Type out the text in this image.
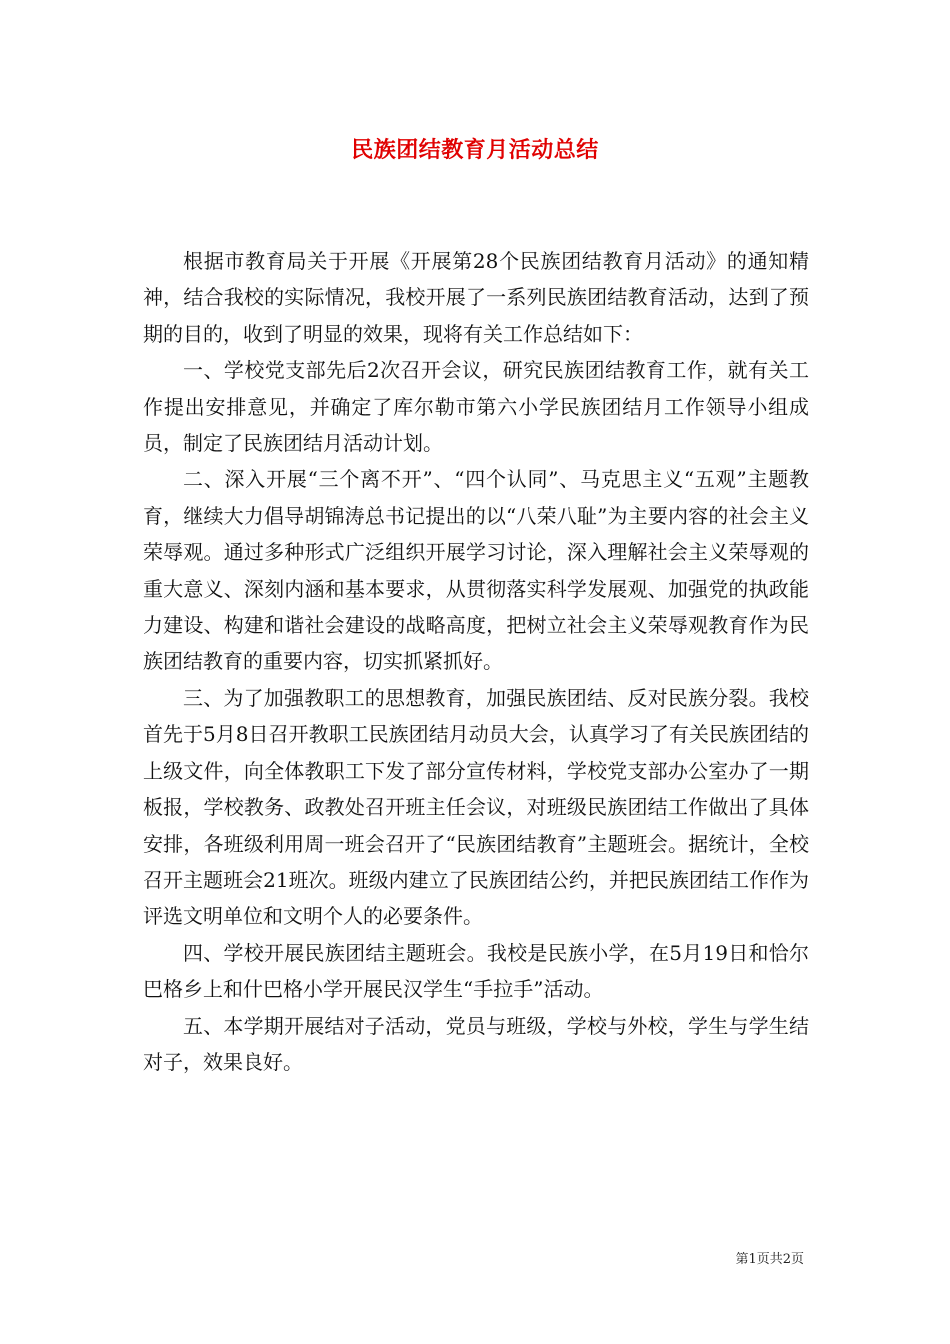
民族团结教育月活动总结

根据市教育局关于开展《开展第28个民族团结教育月活动》的通知精神，结合我校的实际情况，我校开展了一系列民族团结教育活动，达到了预期的目的，收到了明显的效果，现将有关工作总结如下：

一、学校党支部先后2次召开会议，研究民族团结教育工作，就有关工作提出安排意见，并确定了库尔勒市第六小学民族团结月工作领导小组成员，制定了民族团结月活动计划。

二、深入开展“三个离不开”、“四个认同”、马克思主义“五观”主题教育，继续大力倡导胡锦涛总书记提出的以“八荣八耻”为主要内容的社会主义荣辱观。通过多种形式广泛组织开展学习讨论，深入理解社会主义荣辱观的重大意义、深刻内涵和基本要求，从贯彻落实科学发展观、加强党的执政能力建设、构建和谐社会建设的战略高度，把树立社会主义荣辱观教育作为民族团结教育的重要内容，切实抓紧抓好。

三、为了加强教职工的思想教育，加强民族团结、反对民族分裂。我校首先于5月8日召开教职工民族团结月动员大会，认真学习了有关民族团结的上级文件，向全体教职工下发了部分宣传材料，学校党支部办公室办了一期板报，学校教务、政教处召开班主任会议，对班级民族团结工作做出了具体安排，各班级利用周一班会召开了“民族团结教育”主题班会。据统计，全校召开主题班会21班次。班级内建立了民族团结公约，并把民族团结工作作为评选文明单位和文明个人的必要条件。

四、学校开展民族团结主题班会。我校是民族小学，在5月19日和恰尔巴格乡上和什巴格小学开展民汉学生“手拉手”活动。

五、本学期开展结对子活动，党员与班级，学校与外校，学生与学生结对子，效果良好。

第1页共2页
